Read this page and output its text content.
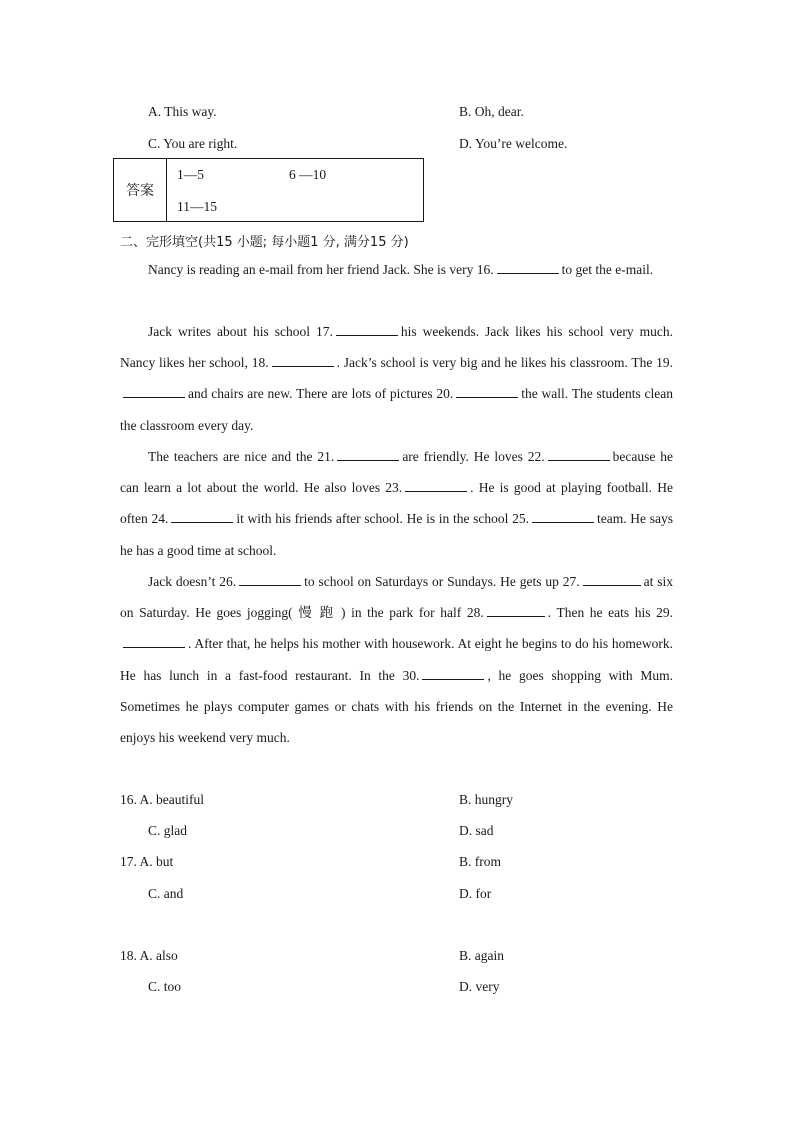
A. This way.	B. Oh, dear.
C. You are right.	D. You’re welcome.
答案	
1—5	6 —10
11—15
二、完形填空(共15 小题; 每小题1 分, 满分15 分)
Nancy is reading an e-mail from her friend Jack. She is very 16.	to get the e-mail.
Jack writes about his school 17.	his weekends. Jack likes his school very much. Nancy likes her school, 18.	. Jack’s school is very big and he likes his classroom. The 19.and chairs are new. There are lots of pictures 20.	the wall. The students clean the classroom every day.
The teachers are nice and the 21.	are friendly. He loves 22.	because he can learn a lot about the world. He also loves 23.	. He is good at playing football. He often 24.	it with his friends after school. He is in the school 25.	team. He says he has a good time at school.
Jack doesn’t 26.	to school on Saturdays or Sundays. He gets up 27.	at six on Saturday. He goes jogging( 慢 跑 ) in the park for half 28.	. Then he eats his 29.. After that, he helps his mother with housework. At eight he begins to do his homework. He has lunch in a fast-food restaurant. In the 30.	, he goes shopping with Mum. Sometimes he plays computer games or chats with his friends on the Internet in the evening. He enjoys his weekend very much.
16. A. beautiful	B. hungry
C. glad	D. sad
17. A. but	B. from
C. and	D. for
18. A. also	B. again
C. too	D. very
